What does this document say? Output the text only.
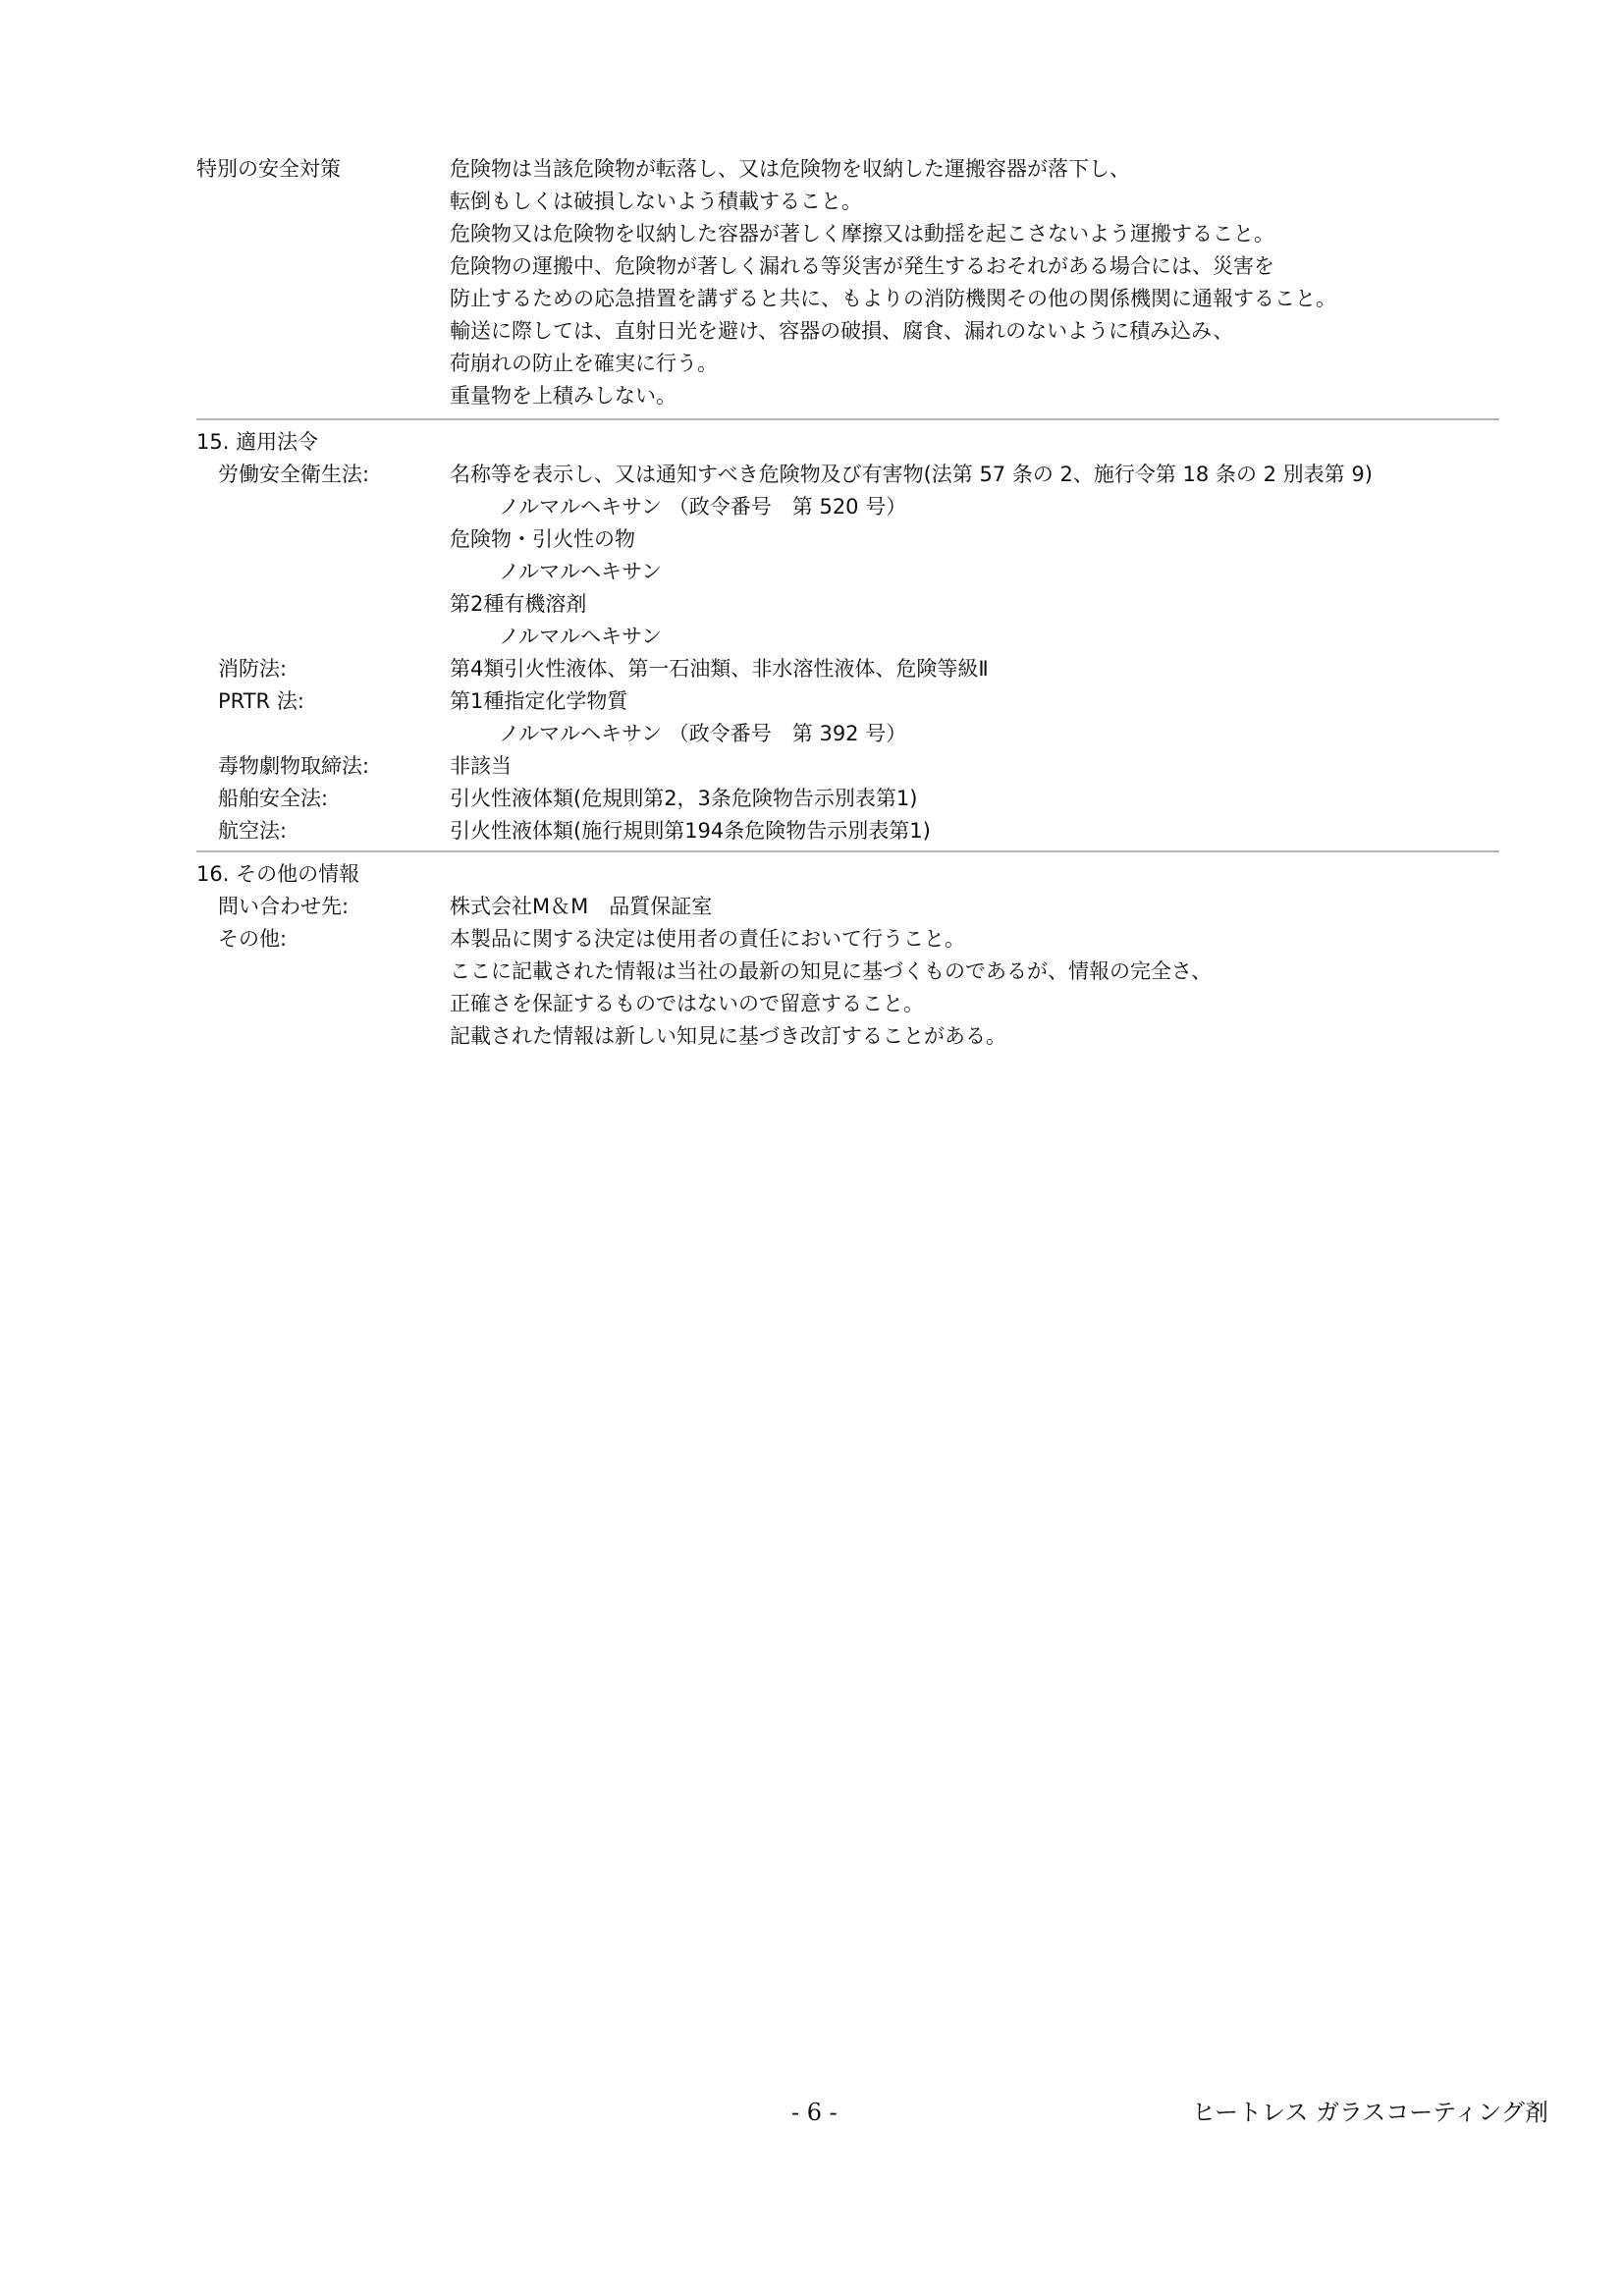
特別の安全対策	危険物は当該危険物が転落し、又は危険物を収納した運搬容器が落下し、
転倒もしくは破損しないよう積載すること。
危険物又は危険物を収納した容器が著しく摩擦又は動揺を起こさないよう運搬すること。
危険物の運搬中、危険物が著しく漏れる等災害が発生するおそれがある場合には、災害を
防止するための応急措置を講ずると共に、もよりの消防機関その他の関係機関に通報すること。
輸送に際しては、直射日光を避け、容器の破損、腐食、漏れのないように積み込み、
荷崩れの防止を確実に行う。
重量物を上積みしない。
15. 適用法令
労働安全衛生法:	名称等を表示し、又は通知すべき危険物及び有害物(法第 57 条の 2、施行令第 18 条の 2 別表第 9)
ノルマルヘキサン （政令番号　第 520 号）
危険物・引火性の物
ノルマルヘキサン
第2種有機溶剤
ノルマルヘキサン
消防法:	第4類引火性液体、第一石油類、非水溶性液体、危険等級Ⅱ
PRTR 法:	第1種指定化学物質
ノルマルヘキサン （政令番号　第 392 号）
毒物劇物取締法:	非該当
船舶安全法:	引火性液体類(危規則第2，3条危険物告示別表第1)
航空法:	引火性液体類(施行規則第194条危険物告示別表第1)
16. その他の情報
問い合わせ先:	株式会社M＆M　品質保証室
その他:	本製品に関する決定は使用者の責任において行うこと。
ここに記載された情報は当社の最新の知見に基づくものであるが、情報の完全さ、
正確さを保証するものではないので留意すること。
記載された情報は新しい知見に基づき改訂することがある。
- 6 -	ヒートレス ガラスコーティング剤
